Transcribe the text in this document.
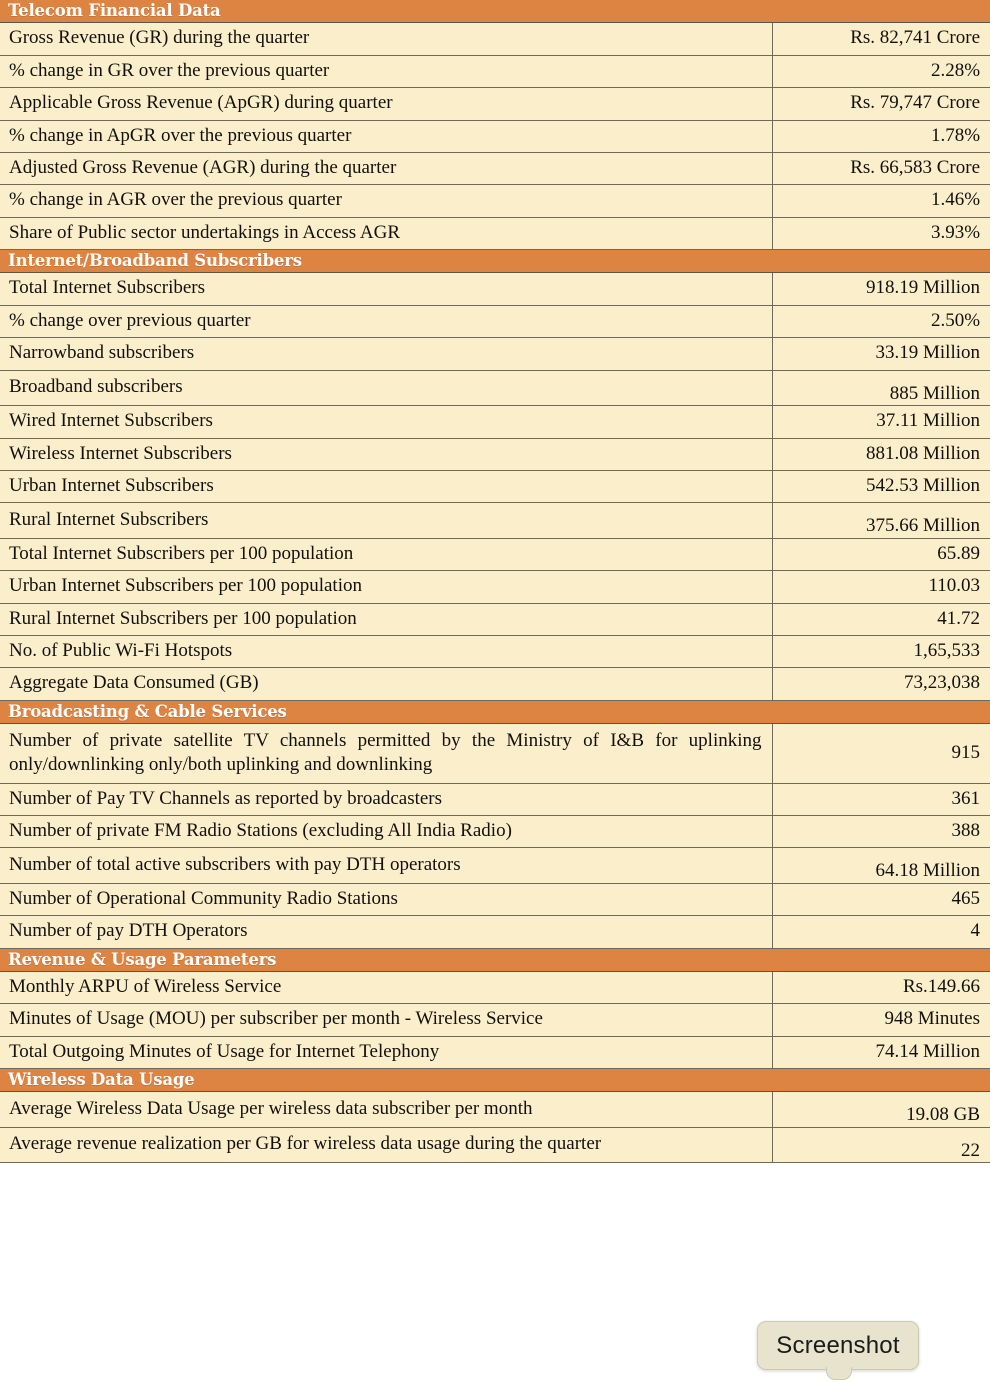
Telecom Financial Data	
Gross Revenue (GR) during the quarter	Rs. 82,741 Crore
% change in GR over the previous quarter	2.28%
Applicable Gross Revenue (ApGR) during quarter	Rs. 79,747 Crore
% change in ApGR over the previous quarter	1.78%
Adjusted Gross Revenue (AGR) during the quarter	Rs. 66,583 Crore
% change in AGR over the previous quarter	1.46%
Share of Public sector undertakings in Access AGR	3.93%
Internet/Broadband Subscribers	
Total Internet Subscribers	918.19 Million
% change over previous quarter	2.50%
Narrowband subscribers	33.19 Million
Broadband subscribers	885 Million
Wired Internet Subscribers	37.11 Million
Wireless Internet Subscribers	881.08 Million
Urban Internet Subscribers	542.53 Million
Rural Internet Subscribers	375.66 Million
Total Internet Subscribers per 100 population	65.89
Urban Internet Subscribers per 100 population	110.03
Rural Internet Subscribers per 100 population	41.72
No. of Public Wi-Fi Hotspots	1,65,533
Aggregate Data Consumed (GB)	73,23,038
Broadcasting & Cable Services	
Number of private satellite TV channels permitted by the Ministry of I&B for uplinking only/downlinking only/both uplinking and downlinking	915
Number of Pay TV Channels as reported by broadcasters	361
Number of private FM Radio Stations (excluding All India Radio)	388
Number of total active subscribers with pay DTH operators	64.18 Million
Number of Operational Community Radio Stations	465
Number of pay DTH Operators	4
Revenue & Usage Parameters	
Monthly ARPU of Wireless Service	Rs.149.66
Minutes of Usage (MOU) per subscriber per month - Wireless Service	948 Minutes
Total Outgoing Minutes of Usage for Internet Telephony	74.14 Million
Wireless Data Usage	
Average Wireless Data Usage per wireless data subscriber per month	19.08 GB
Average revenue realization per GB for wireless data usage during the quarter	22
Screenshot
